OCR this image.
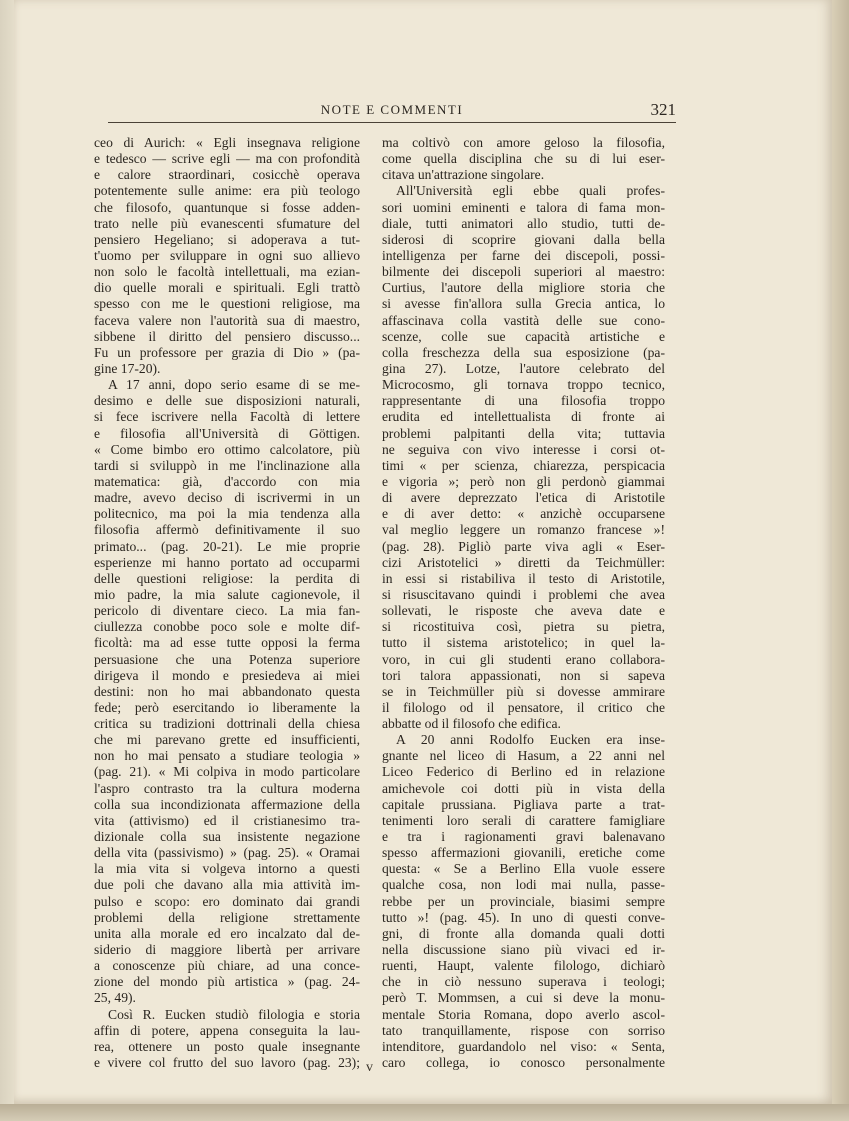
NOTE E COMMENTI	321
ceo di Aurich: « Egli insegnava religione
e tedesco — scrive egli — ma con profondità
e calore straordinari, cosicchè operava
potentemente sulle anime: era più teologo
che filosofo, quantunque si fosse adden-
trato nelle più evanescenti sfumature del
pensiero Hegeliano; si adoperava a tut-
t'uomo per sviluppare in ogni suo allievo
non solo le facoltà intellettuali, ma ezian-
dio quelle morali e spirituali. Egli trattò
spesso con me le questioni religiose, ma
faceva valere non l'autorità sua di maestro,
sibbene il diritto del pensiero discusso...
Fu un professore per grazia di Dio » (pa-
gine 17-20).
A 17 anni, dopo serio esame di se me-
desimo e delle sue disposizioni naturali,
si fece iscrivere nella Facoltà di lettere
e filosofia all'Università di Göttigen.
« Come bimbo ero ottimo calcolatore, più
tardi si sviluppò in me l'inclinazione alla
matematica: già, d'accordo con mia
madre, avevo deciso di iscrivermi in un
politecnico, ma poi la mia tendenza alla
filosofia affermò definitivamente il suo
primato... (pag. 20-21). Le mie proprie
esperienze mi hanno portato ad occuparmi
delle questioni religiose: la perdita di
mio padre, la mia salute cagionevole, il
pericolo di diventare cieco. La mia fan-
ciullezza conobbe poco sole e molte dif-
ficoltà: ma ad esse tutte opposi la ferma
persuasione che una Potenza superiore
dirigeva il mondo e presiedeva ai miei
destini: non ho mai abbandonato questa
fede; però esercitando io liberamente la
critica su tradizioni dottrinali della chiesa
che mi parevano grette ed insufficienti,
non ho mai pensato a studiare teologia »
(pag. 21). « Mi colpiva in modo particolare
l'aspro contrasto tra la cultura moderna
colla sua incondizionata affermazione della
vita (attivismo) ed il cristianesimo tra-
dizionale colla sua insistente negazione
della vita (passivismo) » (pag. 25). « Oramai
la mia vita si volgeva intorno a questi
due poli che davano alla mia attività im-
pulso e scopo: ero dominato dai grandi
problemi della religione strettamente
unita alla morale ed ero incalzato dal de-
siderio di maggiore libertà per arrivare
a conoscenze più chiare, ad una conce-
zione del mondo più artistica » (pag. 24-
25, 49).
Così R. Eucken studiò filologia e storia
affin di potere, appena conseguita la lau-
rea, ottenere un posto quale insegnante
e vivere col frutto del suo lavoro (pag. 23);
ma coltivò con amore geloso la filosofia,
come quella disciplina che su di lui eser-
citava un'attrazione singolare.
All'Università egli ebbe quali profes-
sori uomini eminenti e talora di fama mon-
diale, tutti animatori allo studio, tutti de-
siderosi di scoprire giovani dalla bella
intelligenza per farne dei discepoli, possi-
bilmente dei discepoli superiori al maestro:
Curtius, l'autore della migliore storia che
si avesse fin'allora sulla Grecia antica, lo
affascinava colla vastità delle sue cono-
scenze, colle sue capacità artistiche e
colla freschezza della sua esposizione (pa-
gina 27). Lotze, l'autore celebrato del
Microcosmo, gli tornava troppo tecnico,
rappresentante di una filosofia troppo
erudita ed intellettualista di fronte ai
problemi palpitanti della vita; tuttavia
ne seguiva con vivo interesse i corsi ot-
timi « per scienza, chiarezza, perspicacia
e vigoria »; però non gli perdonò giammai
di avere deprezzato l'etica di Aristotile
e di aver detto: « anzichè occuparsene
val meglio leggere un romanzo francese »!
(pag. 28). Pigliò parte viva agli « Eser-
cizi Aristotelici » diretti da Teichmüller:
in essi si ristabiliva il testo di Aristotile,
si risuscitavano quindi i problemi che avea
sollevati, le risposte che aveva date e
si ricostituiva così, pietra su pietra,
tutto il sistema aristotelico; in quel la-
voro, in cui gli studenti erano collabora-
tori talora appassionati, non si sapeva
se in Teichmüller più si dovesse ammirare
il filologo od il pensatore, il critico che
abbatte od il filosofo che edifica.
A 20 anni Rodolfo Eucken era inse-
gnante nel liceo di Hasum, a 22 anni nel
Liceo Federico di Berlino ed in relazione
amichevole coi dotti più in vista della
capitale prussiana. Pigliava parte a trat-
tenimenti loro serali di carattere famigliare
e tra i ragionamenti gravi balenavano
spesso affermazioni giovanili, eretiche come
questa: « Se a Berlino Ella vuole essere
qualche cosa, non lodi mai nulla, passe-
rebbe per un provinciale, biasimi sempre
tutto »! (pag. 45). In uno di questi conve-
gni, di fronte alla domanda quali dotti
nella discussione siano più vivaci ed ir-
ruenti, Haupt, valente filologo, dichiarò
che in ciò nessuno superava i teologi;
però T. Mommsen, a cui si deve la monu-
mentale Storia Romana, dopo averlo ascol-
tato tranquillamente, rispose con sorriso
intenditore, guardandolo nel viso: « Senta,
caro collega, io conosco personalmente
v
